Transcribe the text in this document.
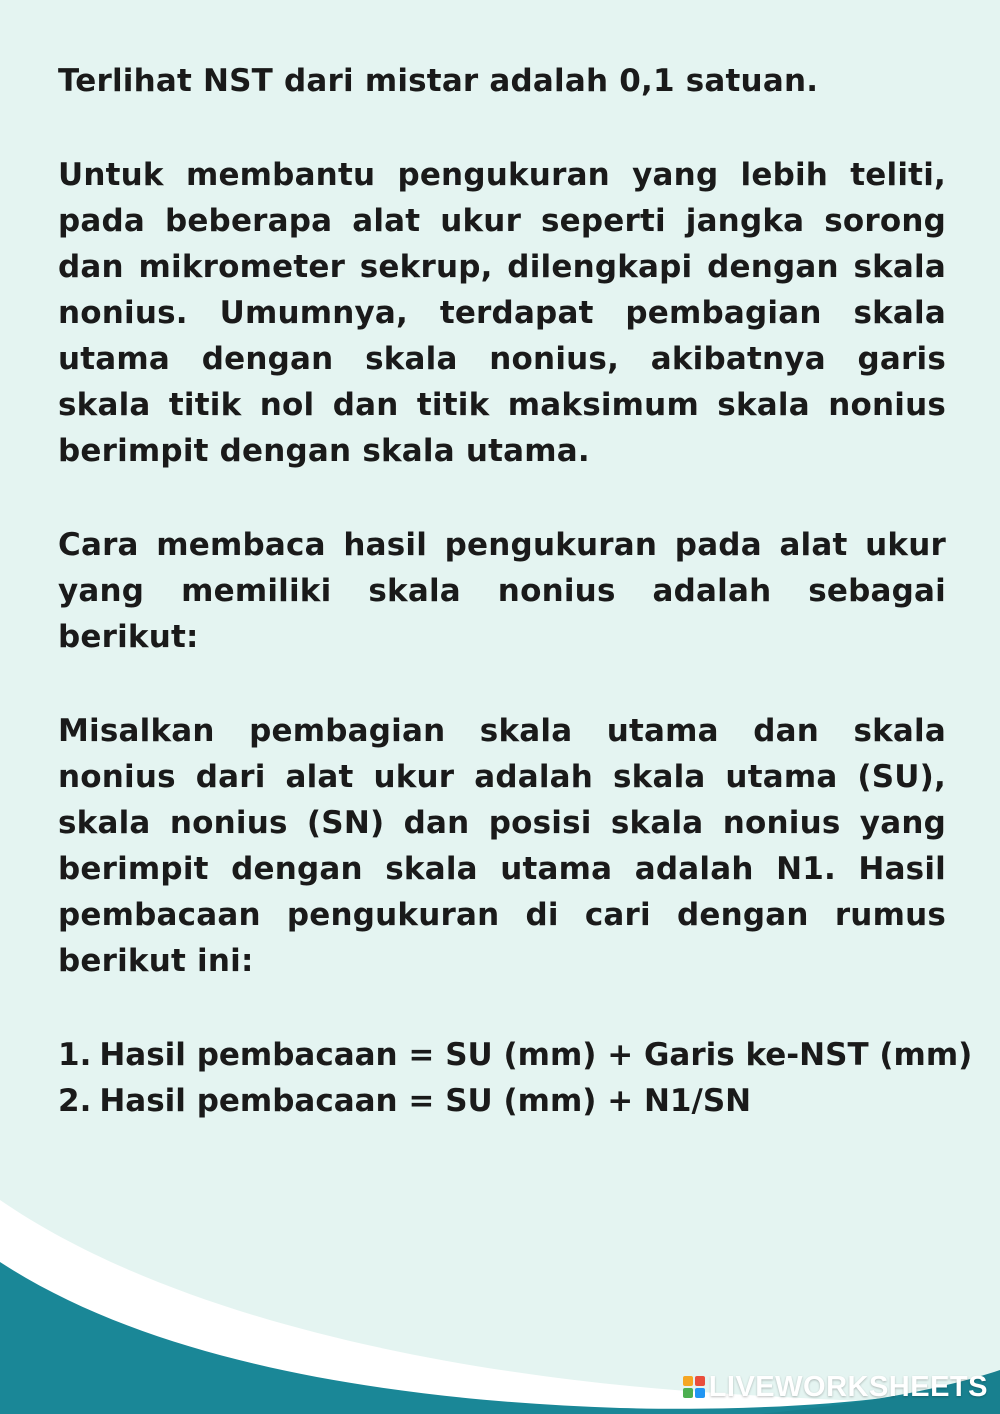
Terlihat NST dari mistar adalah 0,1 satuan.

Untuk membantu pengukuran yang lebih teliti, pada beberapa alat ukur seperti jangka sorong dan mikrometer sekrup, dilengkapi dengan skala nonius. Umumnya, terdapat pembagian skala utama dengan skala nonius, akibatnya garis skala titik nol dan titik maksimum skala nonius berimpit dengan skala utama.

Cara membaca hasil pengukuran pada alat ukur yang memiliki skala nonius adalah sebagai berikut:

Misalkan pembagian skala utama dan skala nonius dari alat ukur adalah skala utama (SU), skala nonius (SN) dan posisi skala nonius yang berimpit dengan skala utama adalah N1. Hasil pembacaan pengukuran di cari dengan rumus berikut ini:

1. Hasil pembacaan = SU (mm) + Garis ke-NST (mm)
2. Hasil pembacaan = SU (mm) + N1/SN
LIVEWORKSHEETS
